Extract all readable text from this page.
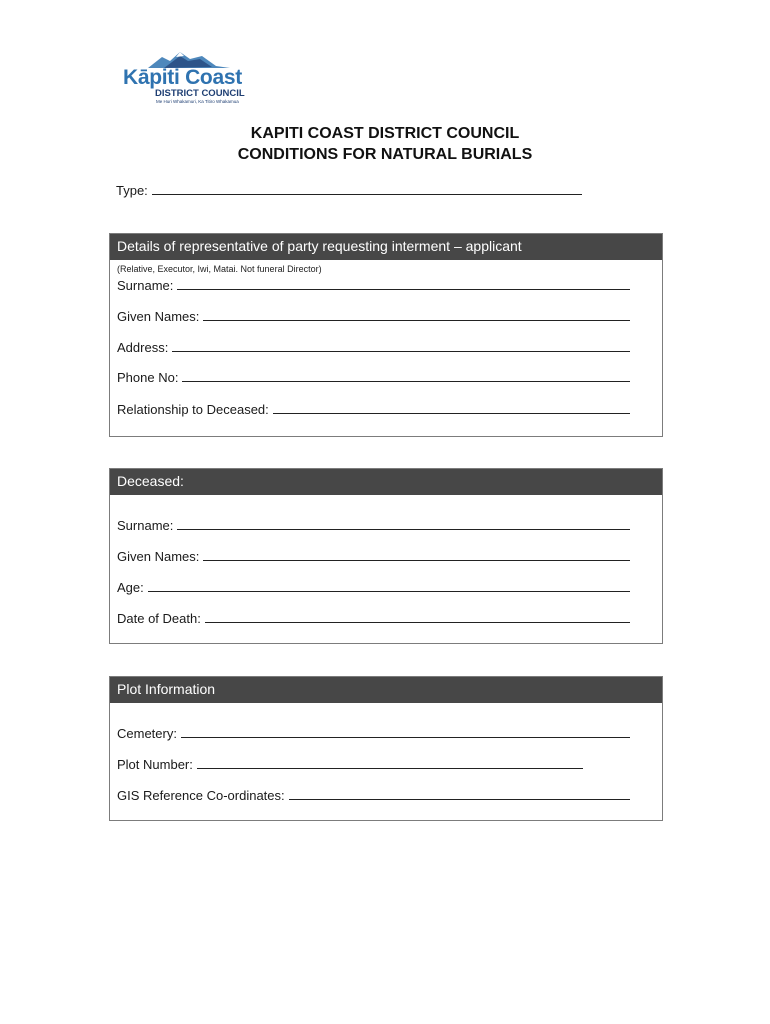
Kāpiti Coast
DISTRICT COUNCIL
Me Huri Whakamuri, Ka Titiro Whakamua
KAPITI COAST DISTRICT COUNCIL
CONDITIONS FOR NATURAL BURIALS
Type:
Details of representative of party requesting interment – applicant
(Relative, Executor, Iwi, Matai. Not funeral Director)
Surname:
Given Names:
Address:
Phone No:
Relationship to Deceased:
Deceased:
Surname:
Given Names:
Age:
Date of Death:
Plot Information
Cemetery:
Plot Number:
GIS Reference Co-ordinates:
